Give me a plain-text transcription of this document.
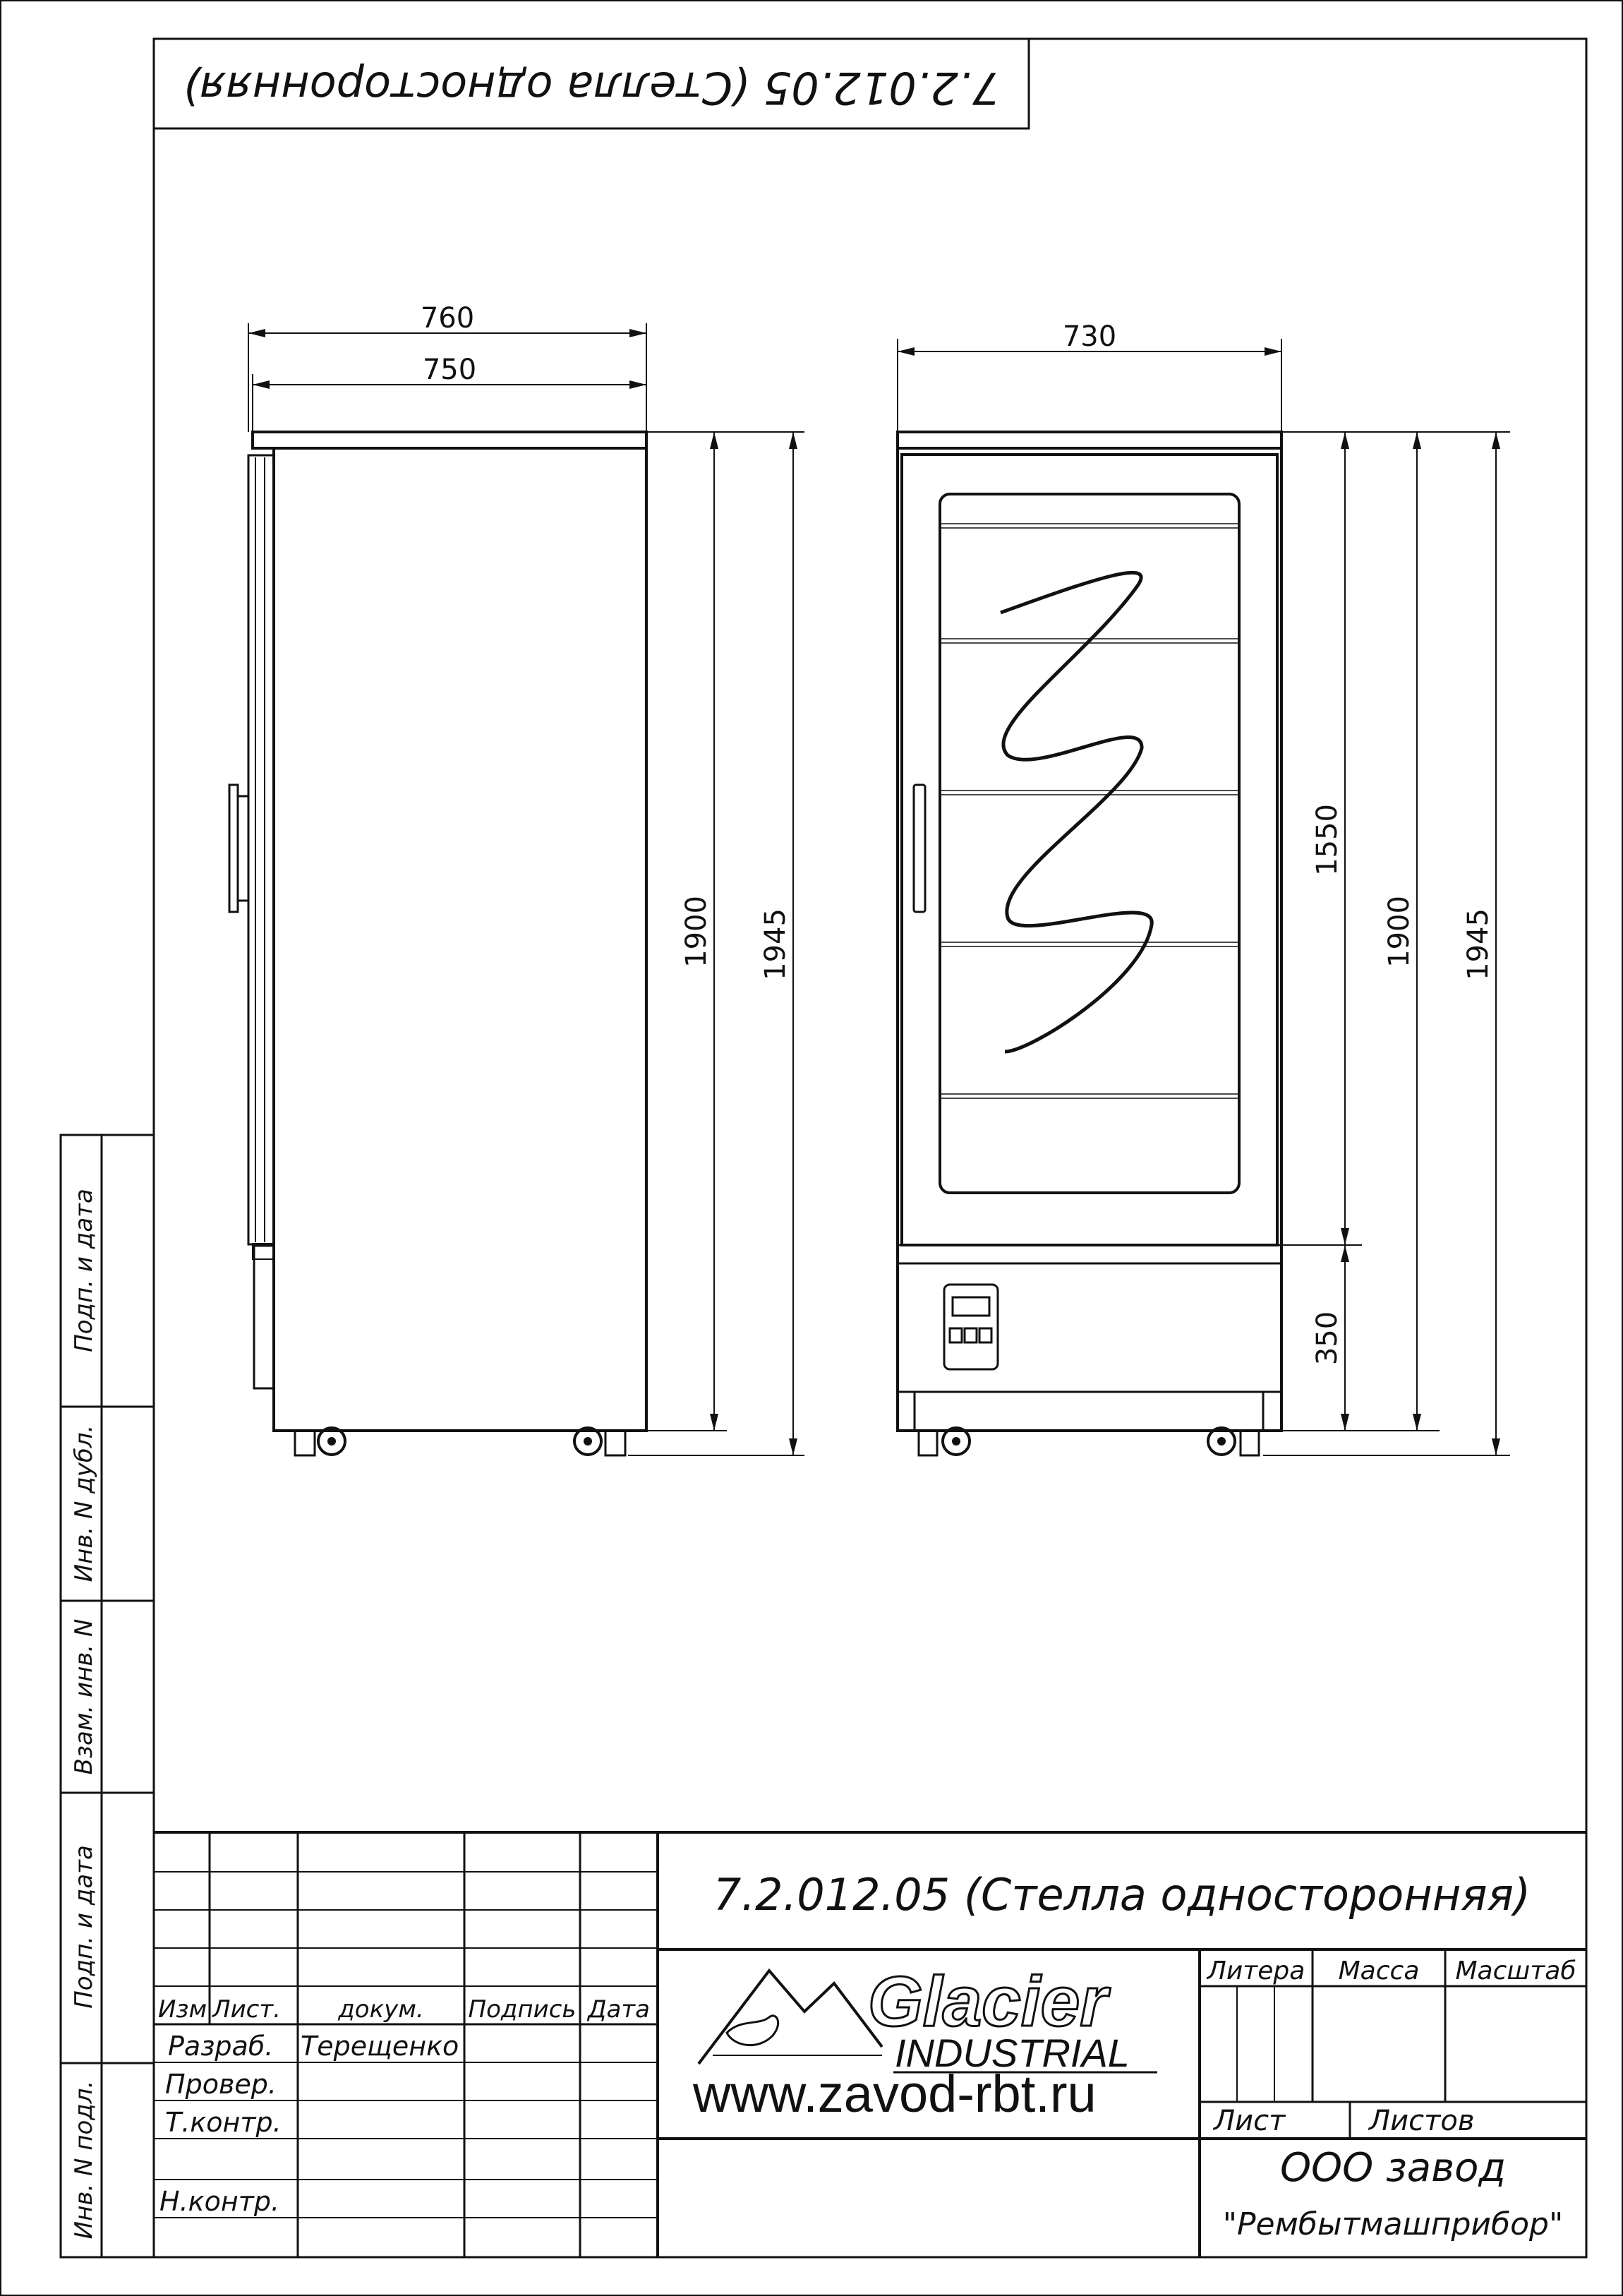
7.2.012.05 (Стелла односторонняя)
760
750
1900 1945
730
1550
350
1900 1945
Подп. и дата
Инв. N дубл.
Взам. инв. N
Подп. и дата
Инв. N подл.
Изм Лист. докум. Подпись Дата
Разраб. Терещенко
Провер.
Т.контр.
Н.контр.
7.2.012.05 (Стелла односторонняя)
Литера Масса Масштаб
Лист	Листов
ООО завод
"Рембытмашприбор"
Glacier
INDUSTRIAL
www.zavod-rbt.ru
